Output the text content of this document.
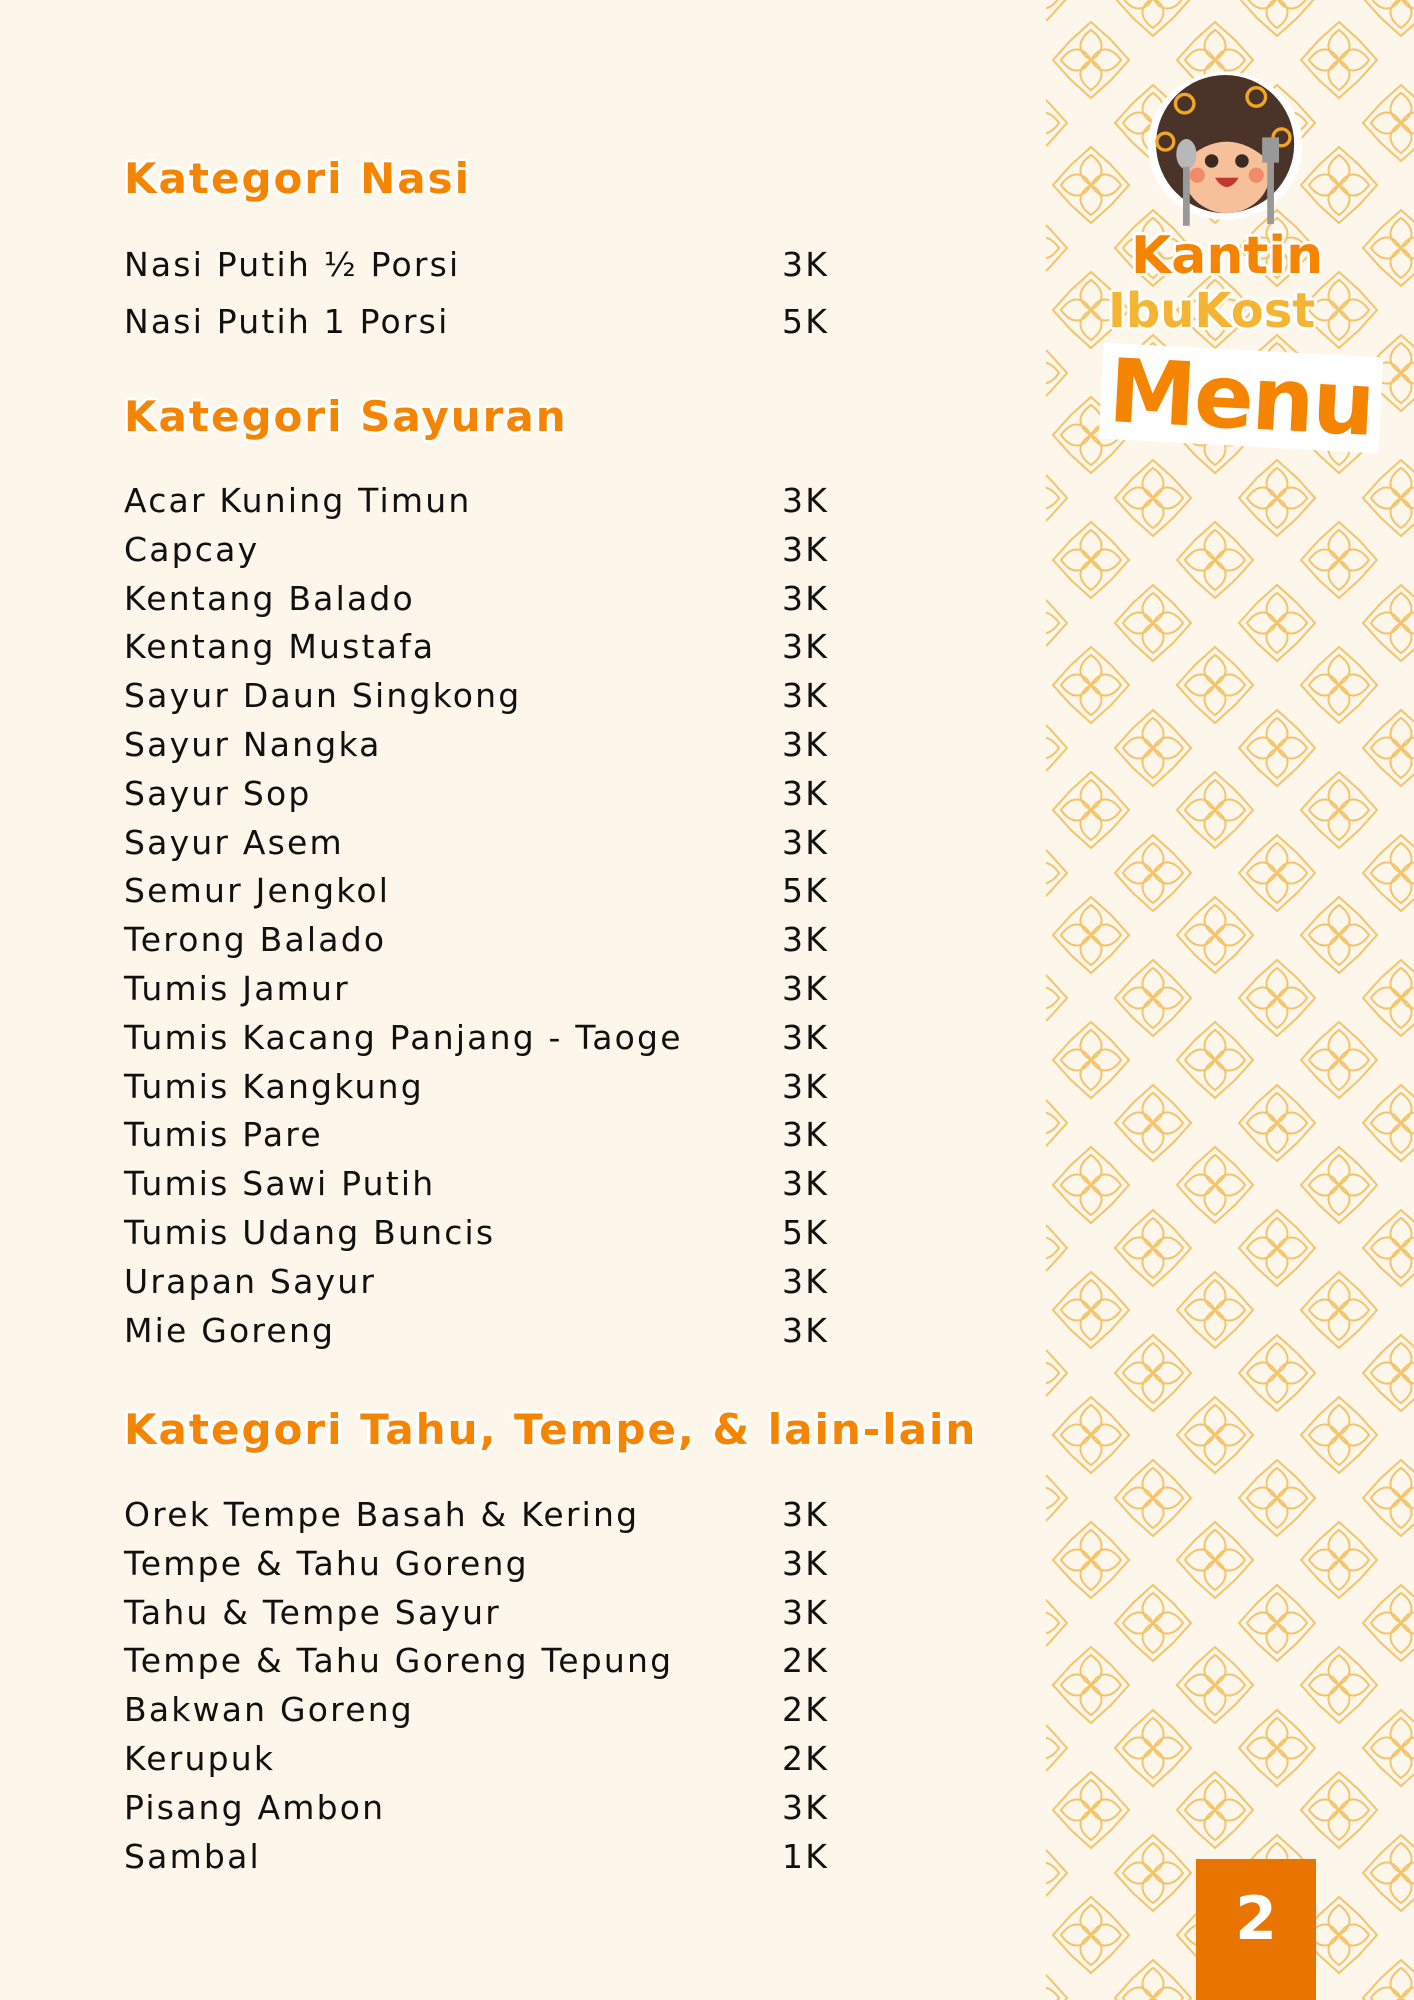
Kantin
IbuKost
Menu
Kategori Nasi
Nasi Putih ½ Porsi	3K
Nasi Putih 1 Porsi	5K
Kategori Sayuran
Acar Kuning Timun	3K
Capcay	3K
Kentang Balado	3K
Kentang Mustafa	3K
Sayur Daun Singkong	3K
Sayur Nangka	3K
Sayur Sop	3K
Sayur Asem	3K
Semur Jengkol	5K
Terong Balado	3K
Tumis Jamur	3K
Tumis Kacang Panjang - Taoge	3K
Tumis Kangkung	3K
Tumis Pare	3K
Tumis Sawi Putih	3K
Tumis Udang Buncis	5K
Urapan Sayur	3K
Mie Goreng	3K
Kategori Tahu, Tempe, & lain-lain
Orek Tempe Basah & Kering	3K
Tempe & Tahu Goreng	3K
Tahu & Tempe Sayur	3K
Tempe & Tahu Goreng Tepung	2K
Bakwan Goreng	2K
Kerupuk	2K
Pisang Ambon	3K
Sambal	1K
2
